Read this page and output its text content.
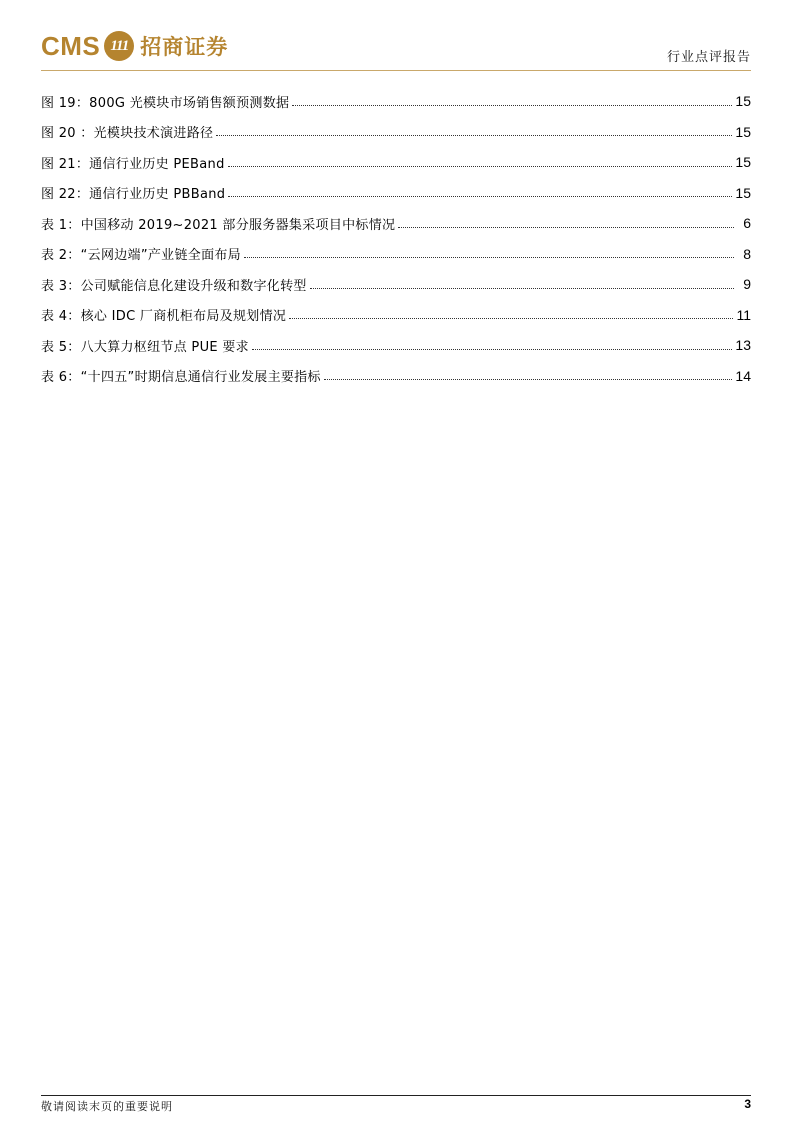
CMS 111 招商证券	行业点评报告
图 19：800G 光模块市场销售额预测数据	15
图 20 ：光模块技术演进路径	15
图 21：通信行业历史 PEBand	15
图 22：通信行业历史 PBBand	15
表 1：中国移动 2019~2021 部分服务器集采项目中标情况	6
表 2：“云网边端”产业链全面布局	8
表 3：公司赋能信息化建设升级和数字化转型	9
表 4：核心 IDC 厂商机柜布局及规划情况	11
表 5：八大算力枢纽节点 PUE 要求	13
表 6：“十四五”时期信息通信行业发展主要指标	14
敬请阅读末页的重要说明	3
